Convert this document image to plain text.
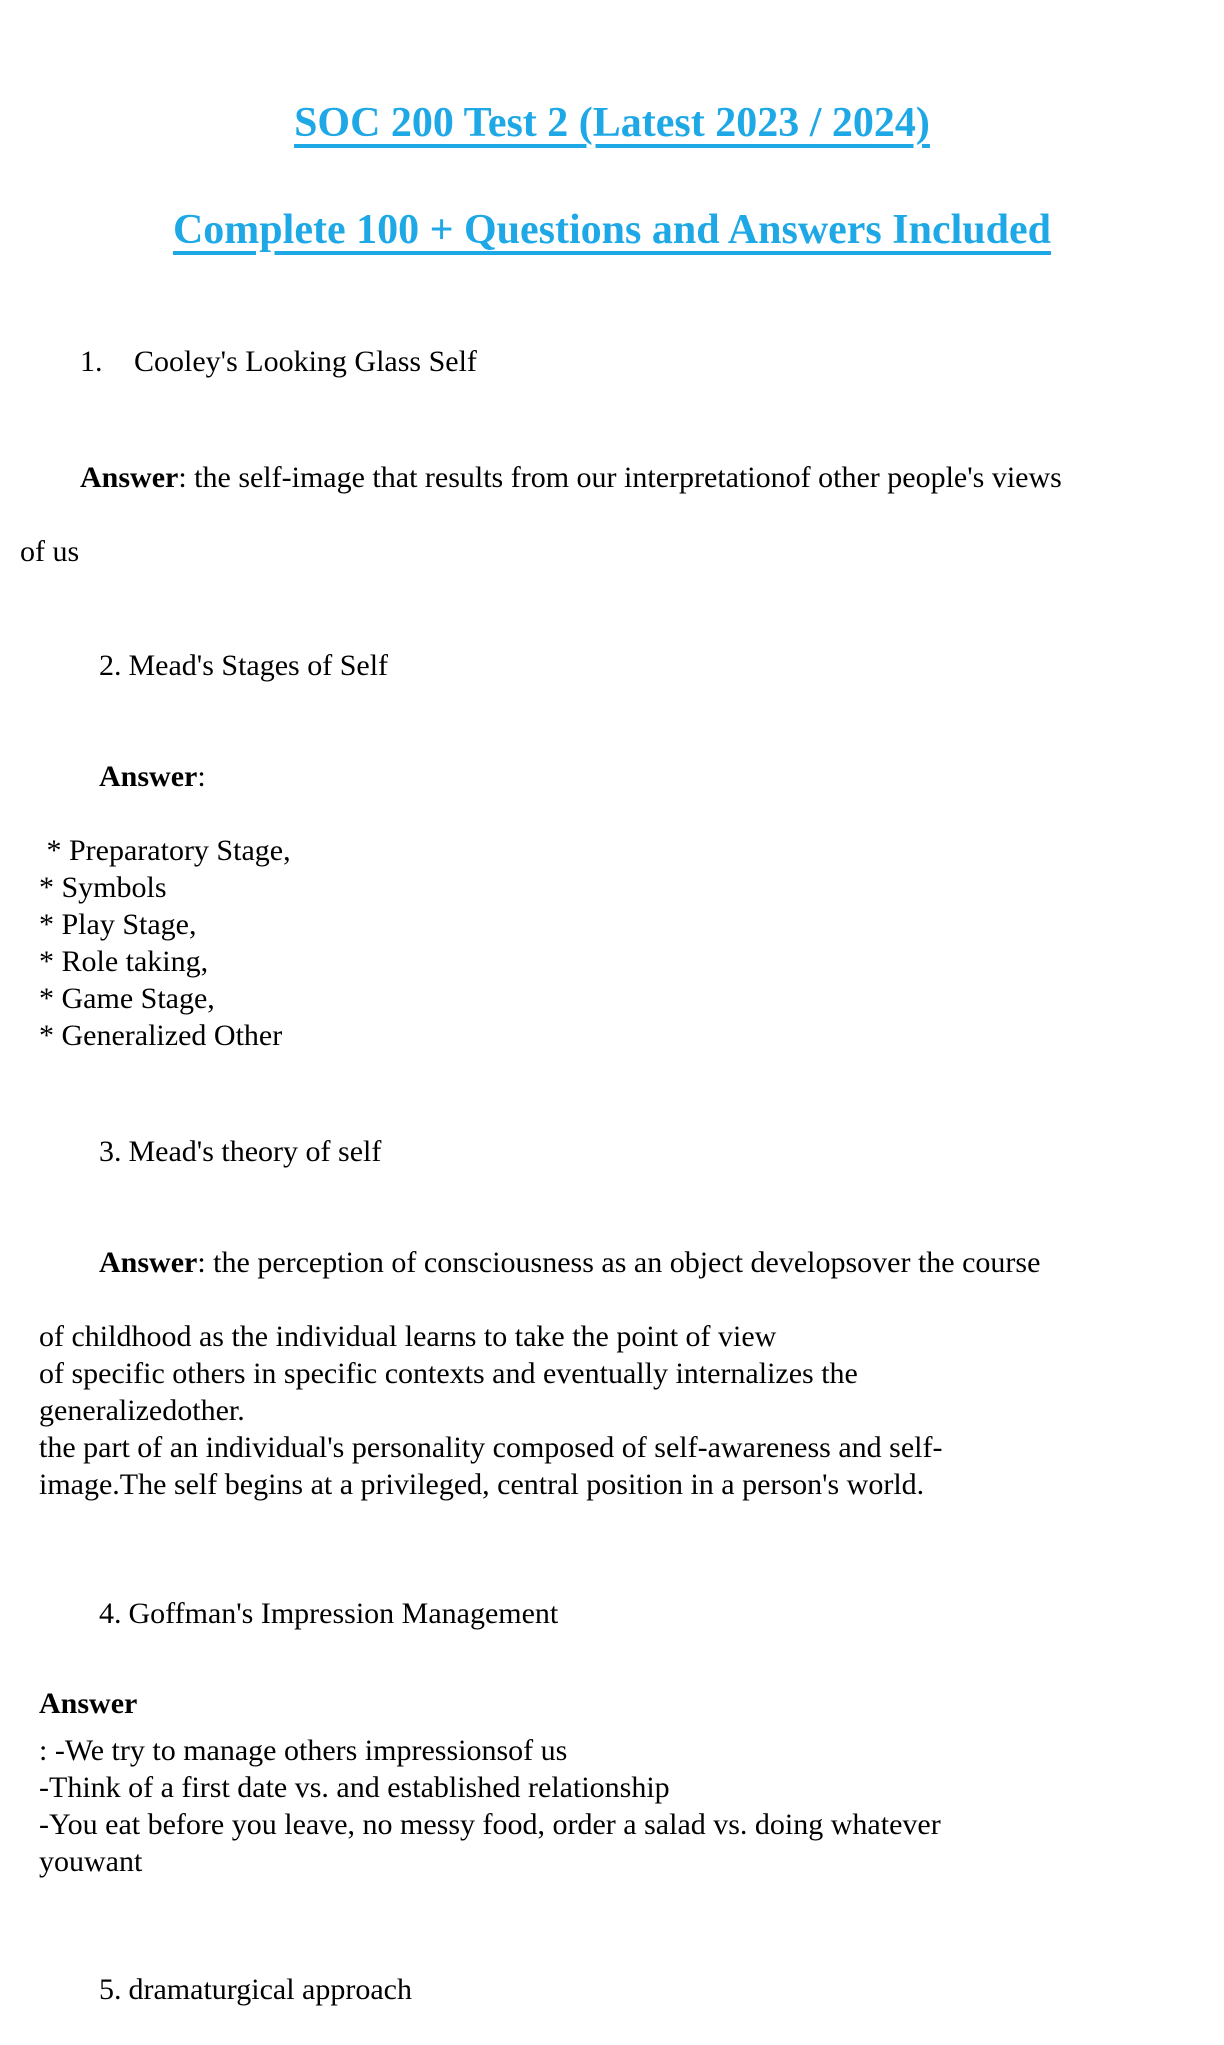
SOC 200 Test 2 (Latest 2023 / 2024)
Complete 100 + Questions and Answers Included

1. Cooley's Looking Glass Self

Answer: the self-image that results from our interpretationof other people's views

of us

2. Mead's Stages of Self

Answer:

* Preparatory Stage,
* Symbols
* Play Stage,
* Role taking,
* Game Stage,
* Generalized Other

3. Mead's theory of self

Answer: the perception of consciousness as an object developsover the course

of childhood as the individual learns to take the point of view
of specific others in specific contexts and eventually internalizes the
generalizedother.
the part of an individual's personality composed of self-awareness and self-
image.The self begins at a privileged, central position in a person's world.

4. Goffman's Impression Management

Answer
: -We try to manage others impressionsof us
-Think of a first date vs. and established relationship
-You eat before you leave, no messy food, order a salad vs. doing whatever
youwant

5. dramaturgical approach
